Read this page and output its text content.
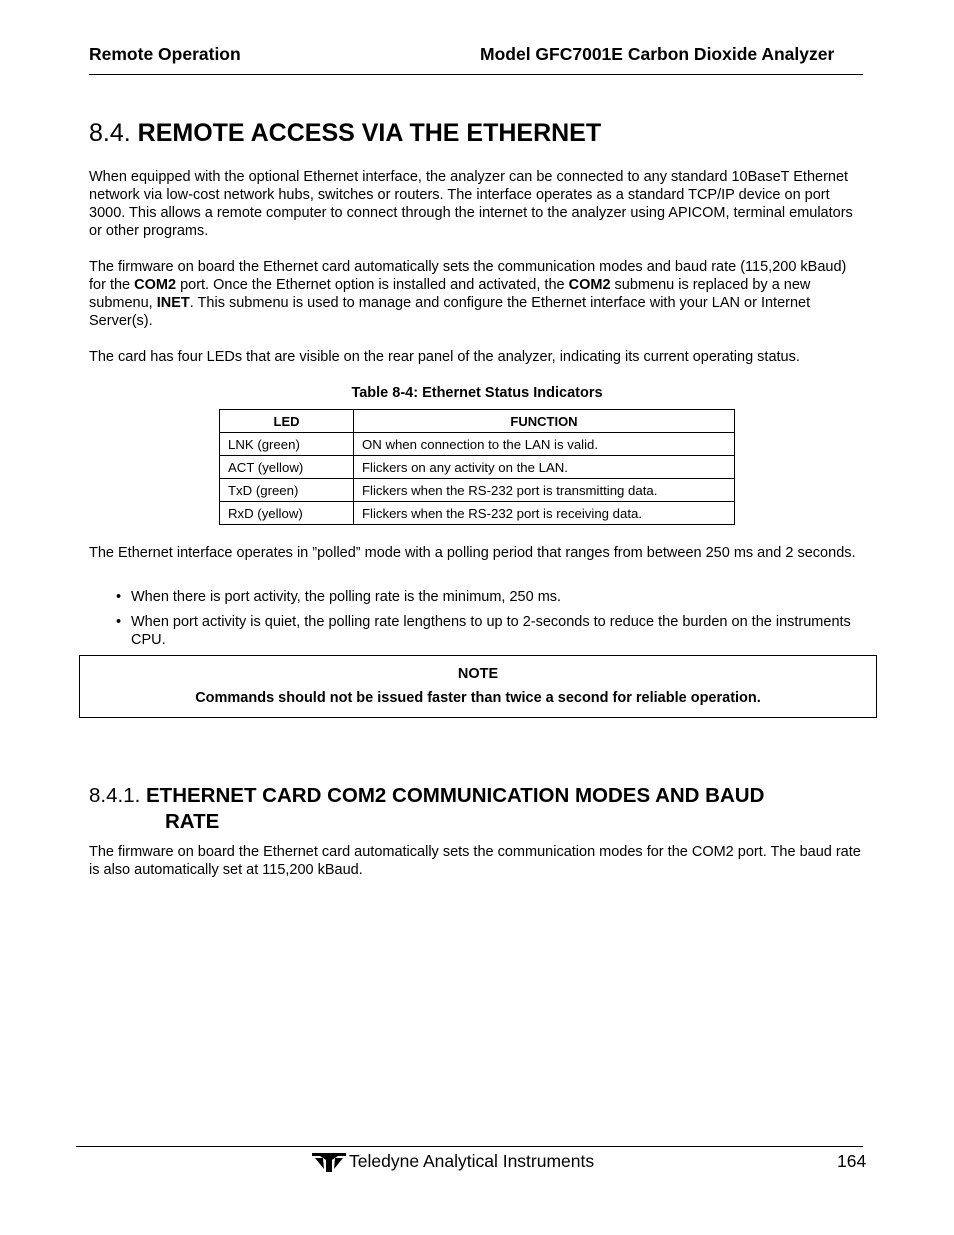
Remote Operation	Model GFC7001E Carbon Dioxide Analyzer
8.4. REMOTE ACCESS VIA THE ETHERNET

When equipped with the optional Ethernet interface, the analyzer can be connected to any standard 10BaseT Ethernet network via low-cost network hubs, switches or routers. The interface operates as a standard TCP/IP device on port 3000. This allows a remote computer to connect through the internet to the analyzer using APICOM, terminal emulators or other programs.

The firmware on board the Ethernet card automatically sets the communication modes and baud rate (115,200 kBaud) for the COM2 port. Once the Ethernet option is installed and activated, the COM2 submenu is replaced by a new submenu, INET. This submenu is used to manage and configure the Ethernet interface with your LAN or Internet Server(s).

The card has four LEDs that are visible on the rear panel of the analyzer, indicating its current operating status.

Table 8-4: Ethernet Status Indicators
LED	FUNCTION
LNK (green)	ON when connection to the LAN is valid.
ACT (yellow)	Flickers on any activity on the LAN.
TxD (green)	Flickers when the RS-232 port is transmitting data.
RxD (yellow)	Flickers when the RS-232 port is receiving data.

The Ethernet interface operates in ”polled” mode with a polling period that ranges from between 250 ms and 2 seconds.

• When there is port activity, the polling rate is the minimum, 250 ms.
• When port activity is quiet, the polling rate lengthens to up to 2-seconds to reduce the burden on the instruments CPU.
NOTE
Commands should not be issued faster than twice a second for reliable operation.
8.4.1. ETHERNET CARD COM2 COMMUNICATION MODES AND BAUD
RATE

The firmware on board the Ethernet card automatically sets the communication modes for the COM2 port. The baud rate is also automatically set at 115,200 kBaud.

Teledyne Analytical Instruments	164
